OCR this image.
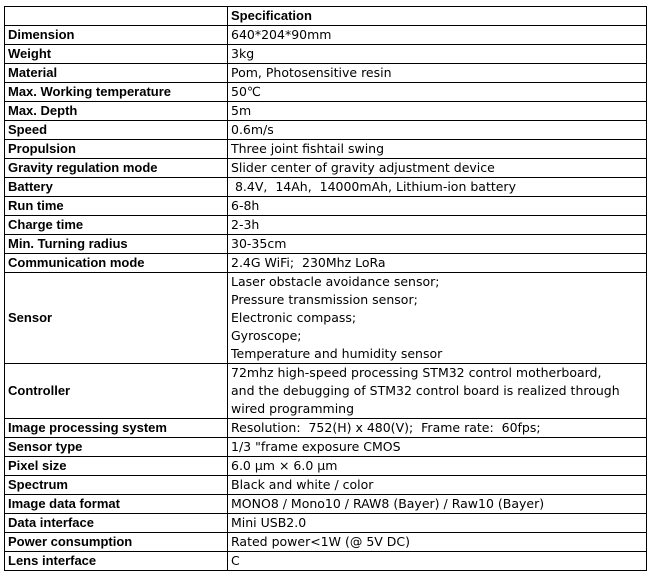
	Specification
Dimension	640*204*90mm
Weight	3kg
Material	Pom, Photosensitive resin
Max. Working temperature	50℃
Max. Depth	5m
Speed	0.6m/s
Propulsion	Three joint fishtail swing
Gravity regulation mode	Slider center of gravity adjustment device
Battery	8.4V,  14Ah,  14000mAh, Lithium-ion battery
Run time	6-8h
Charge time	2-3h
Min. Turning radius	30-35cm
Communication mode	2.4G WiFi;  230Mhz LoRa
Sensor	Laser obstacle avoidance sensor;
Pressure transmission sensor;
Electronic compass;
Gyroscope;
Temperature and humidity sensor

Controller	72mhz high-speed processing STM32 control motherboard,
and the debugging of STM32 control board is realized through
wired programming

Image processing system	Resolution:  752(H) x 480(V);  Frame rate:  60fps;
Sensor type	1/3 "frame exposure CMOS
Pixel size	6.0 μm × 6.0 μm
Spectrum	Black and white / color
Image data format	MONO8 / Mono10 / RAW8 (Bayer) / Raw10 (Bayer)
Data interface	Mini USB2.0
Power consumption	Rated power<1W (@ 5V DC)
Lens interface	C
